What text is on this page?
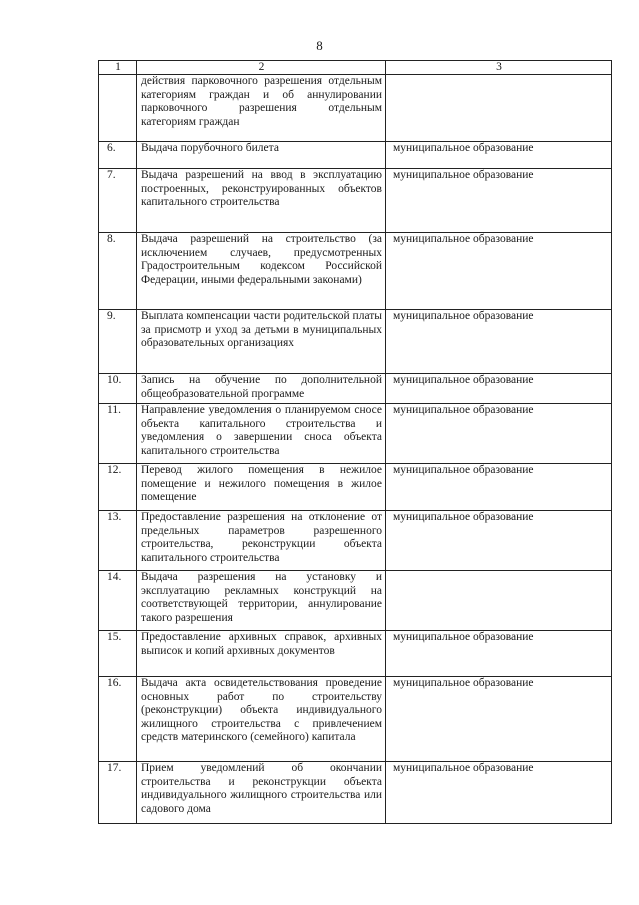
8
1	2	3
	действия парковочного разрешения отдельным категориям граждан и об аннулировании парковочного разрешения отдельным категориям граждан	
6.	Выдача порубочного билета	муниципальное образование
7.	Выдача разрешений на ввод в эксплуатацию построенных, реконструированных объектов капитального строительства	муниципальное образование
8.	Выдача разрешений на строительство (за исключением случаев, предусмотренных Градостроительным кодексом Российской Федерации, иными федеральными законами)	муниципальное образование
9.	Выплата компенсации части родительской платы за присмотр и уход за детьми в муниципальных образовательных организациях	муниципальное образование
10.	Запись на обучение по дополнительной общеобразовательной программе	муниципальное образование
11.	Направление уведомления о планируемом сносе объекта капитального строительства и уведомления о завершении сноса объекта капитального строительства	муниципальное образование
12.	Перевод жилого помещения в нежилое помещение и нежилого помещения в жилое помещение	муниципальное образование
13.	Предоставление разрешения на отклонение от предельных параметров разрешенного строительства, реконструкции объекта капитального строительства	муниципальное образование
14.	Выдача разрешения на установку и эксплуатацию рекламных конструкций на соответствующей территории, аннулирование такого разрешения	
15.	Предоставление архивных справок, архивных выписок и копий архивных документов	муниципальное образование
16.	Выдача акта освидетельствования проведение основных работ по строительству (реконструкции) объекта индивидуального жилищного строительства с привлечением средств материнского (семейного) капитала	муниципальное образование
17.	Прием уведомлений об окончании строительства и реконструкции объекта индивидуального жилищного строительства или садового дома	муниципальное образование
